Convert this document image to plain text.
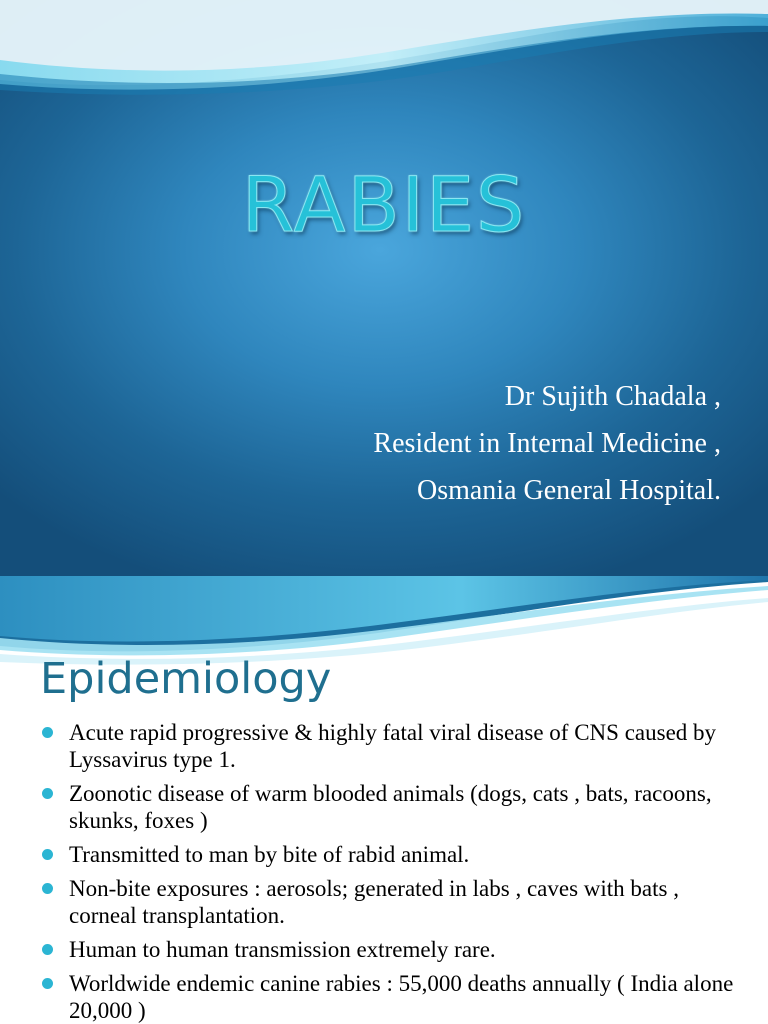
RABIES
Dr Sujith Chadala ,
Resident in Internal Medicine ,
Osmania General Hospital.
Epidemiology
Acute rapid progressive & highly fatal viral disease of CNS caused by Lyssavirus type 1.
Zoonotic disease of warm blooded animals (dogs, cats , bats, racoons, skunks, foxes )
Transmitted to man by bite of rabid animal.
Non-bite exposures : aerosols; generated in labs , caves with bats , corneal transplantation.
Human to human transmission extremely rare.
Worldwide endemic canine rabies : 55,000 deaths annually ( India alone 20,000 )
